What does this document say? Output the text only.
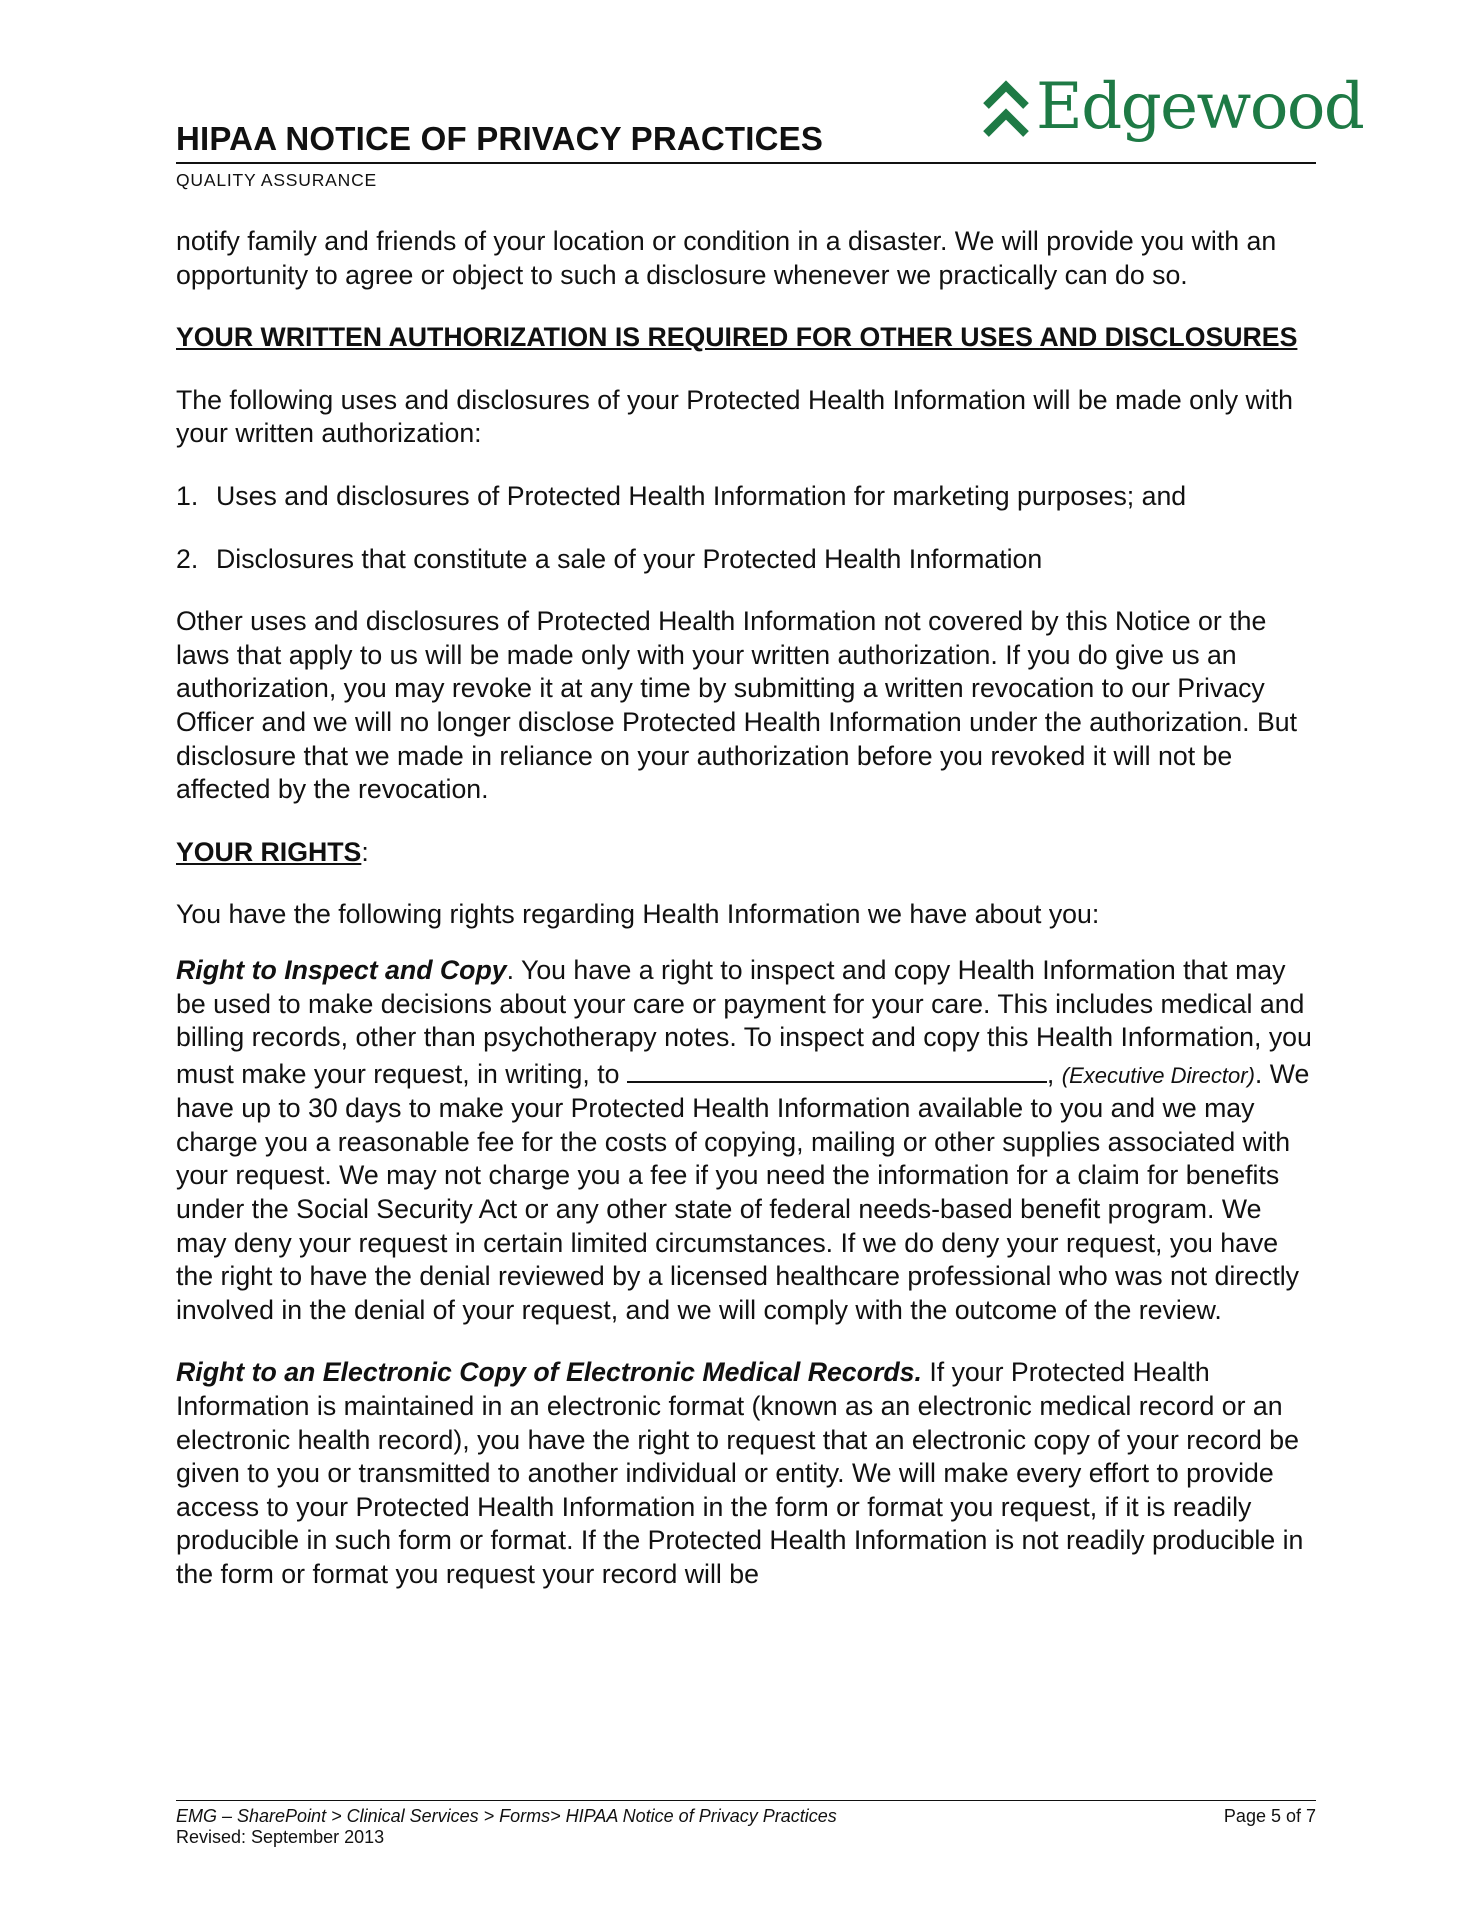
HIPAA NOTICE OF PRIVACY PRACTICES	Edgewood
QUALITY ASSURANCE

notify family and friends of your location or condition in a disaster. We will provide you with an opportunity to agree or object to such a disclosure whenever we practically can do so.

YOUR WRITTEN AUTHORIZATION IS REQUIRED FOR OTHER USES AND DISCLOSURES

The following uses and disclosures of your Protected Health Information will be made only with your written authorization:

1. Uses and disclosures of Protected Health Information for marketing purposes; and
2. Disclosures that constitute a sale of your Protected Health Information

Other uses and disclosures of Protected Health Information not covered by this Notice or the laws that apply to us will be made only with your written authorization. If you do give us an authorization, you may revoke it at any time by submitting a written revocation to our Privacy Officer and we will no longer disclose Protected Health Information under the authorization. But disclosure that we made in reliance on your authorization before you revoked it will not be affected by the revocation.

YOUR RIGHTS:

You have the following rights regarding Health Information we have about you:

Right to Inspect and Copy. You have a right to inspect and copy Health Information that may be used to make decisions about your care or payment for your care. This includes medical and billing records, other than psychotherapy notes. To inspect and copy this Health Information, you must make your request, in writing, to	, (Executive Director). We have up to 30 days to make your Protected Health Information available to you and we may charge you a reasonable fee for the costs of copying, mailing or other supplies associated with your request. We may not charge you a fee if you need the information for a claim for benefits under the Social Security Act or any other state of federal needs-based benefit program. We may deny your request in certain limited circumstances. If we do deny your request, you have the right to have the denial reviewed by a licensed healthcare professional who was not directly involved in the denial of your request, and we will comply with the outcome of the review.

Right to an Electronic Copy of Electronic Medical Records. If your Protected Health Information is maintained in an electronic format (known as an electronic medical record or an electronic health record), you have the right to request that an electronic copy of your record be given to you or transmitted to another individual or entity. We will make every effort to provide access to your Protected Health Information in the form or format you request, if it is readily producible in such form or format. If the Protected Health Information is not readily producible in the form or format you request your record will be

EMG – SharePoint > Clinical Services > Forms> HIPAA Notice of Privacy Practices	Page 5 of 7
Revised: September 2013
